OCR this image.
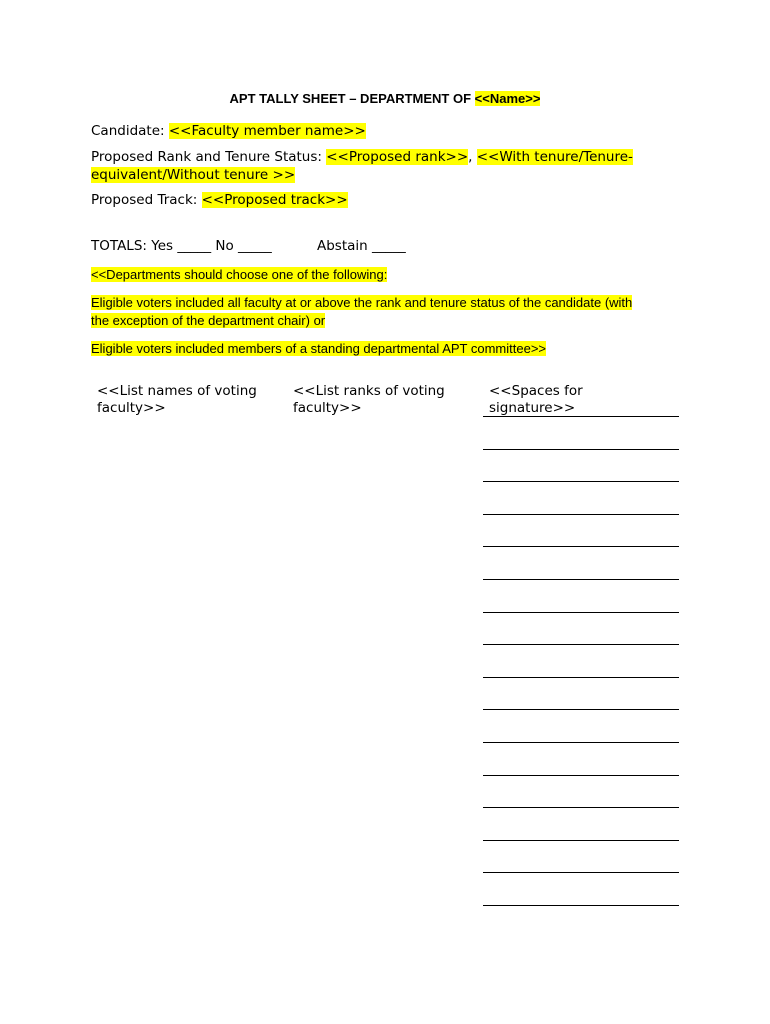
APT TALLY SHEET – DEPARTMENT OF <<Name>>
Candidate: <<Faculty member name>>
Proposed Rank and Tenure Status: <<Proposed rank>>, <<With tenure/Tenure-
equivalent/Without tenure >>
Proposed Track: <<Proposed track>>
TOTALS: Yes _____ No _____	Abstain _____
<<Departments should choose one of the following:
Eligible voters included all faculty at or above the rank and tenure status of the candidate (with
the exception of the department chair) or
Eligible voters included members of a standing departmental APT committee>>
<<List names of voting
faculty>>
<<List ranks of voting
faculty>>
<<Spaces for
signature>>
